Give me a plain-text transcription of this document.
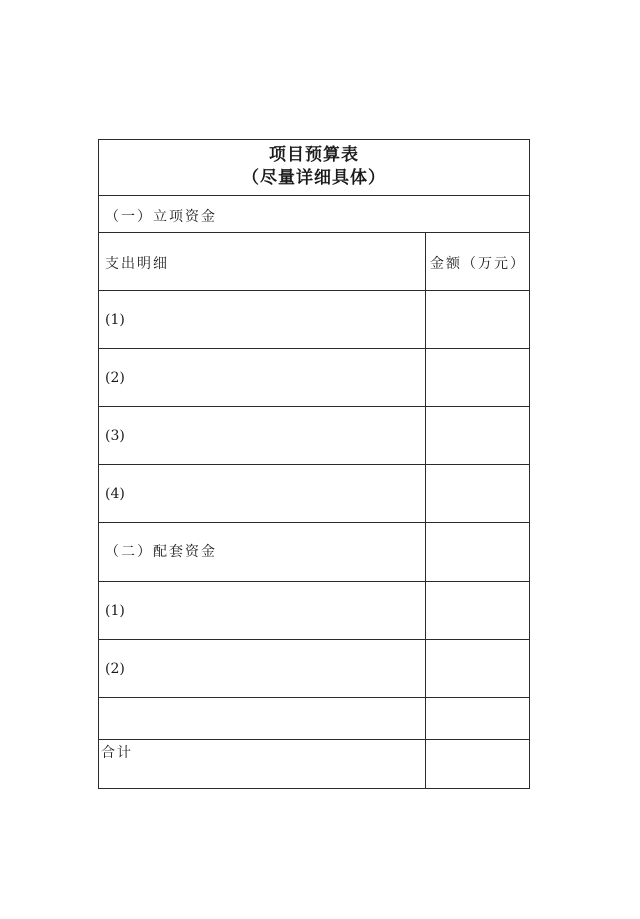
项目预算表
（尽量详细具体）
（一）立项资金
支出明细	金额（万元）
(1)
(2)
(3)
(4)
（二）配套资金
(1)
(2)
合计
